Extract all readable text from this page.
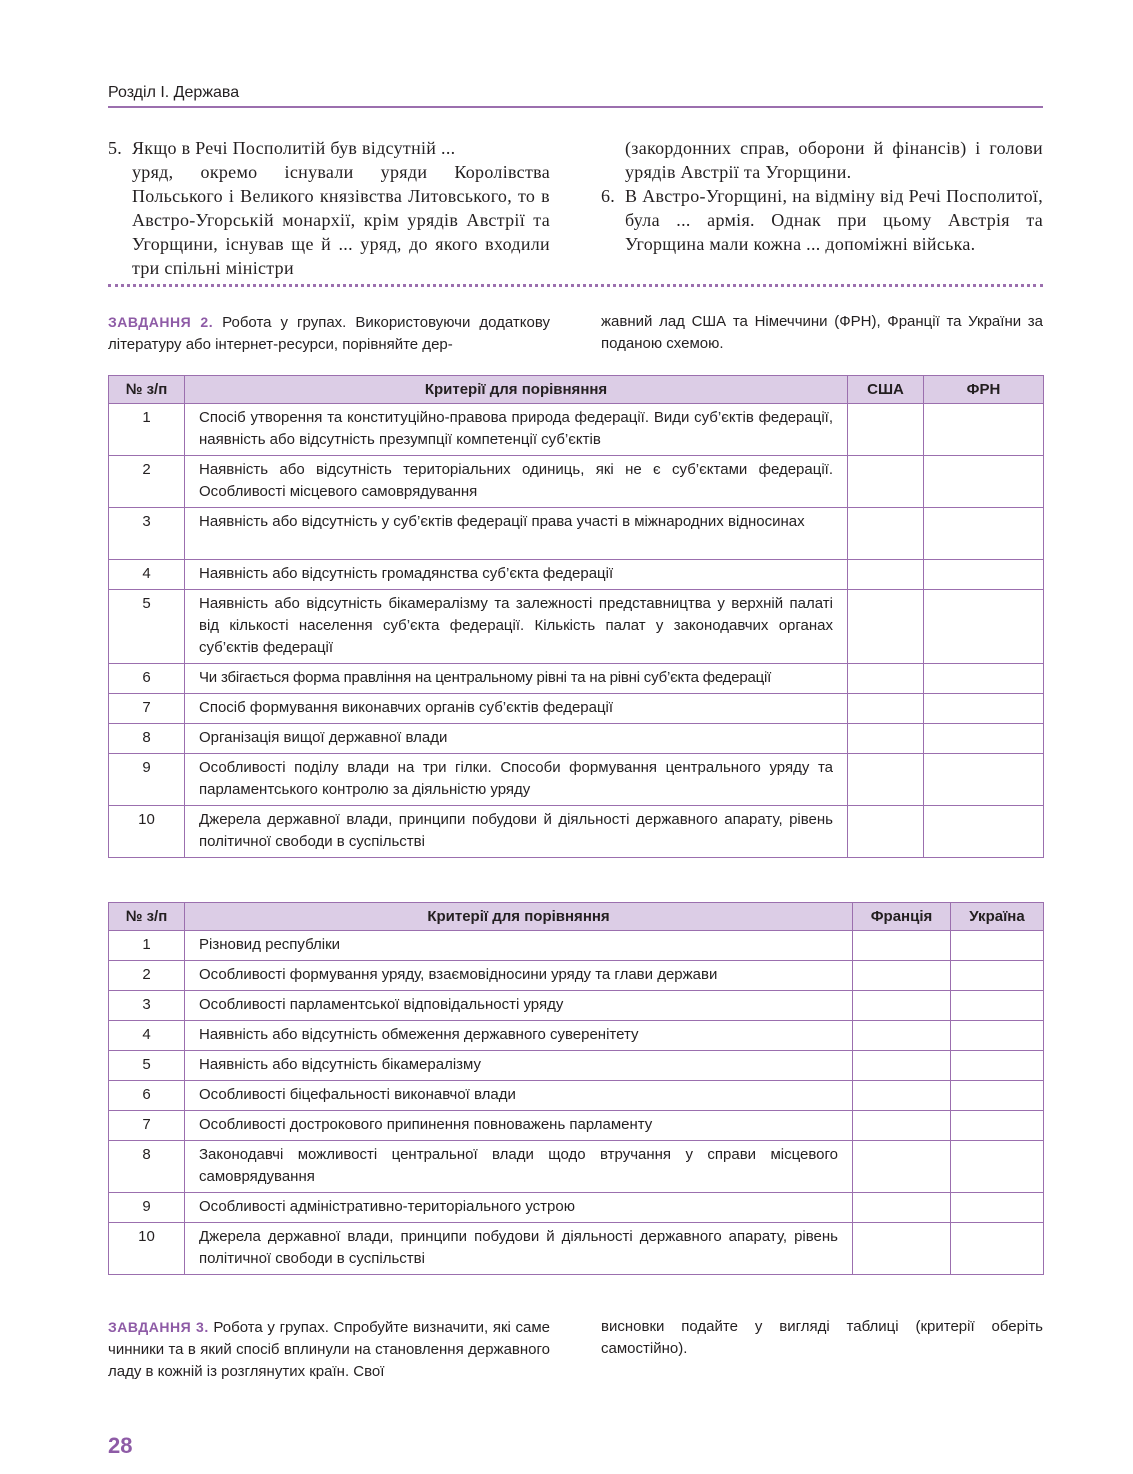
Розділ І. Держава
5. Якщо в Речі Посполитій був відсутній ...
уряд, окремо існували уряди Королівства Польського і Великого князівства Литовського, то в Австро-Угорській монархії, крім урядів Австрії та Угорщини, існував ще й ... уряд, до якого входили три спільні міністри
(закордонних справ, оборони й фінансів) і голови урядів Австрії та Угорщини.
6. В Австро-Угорщині, на відміну від Речі Посполитої, була ... армія. Однак при цьому Австрія та Угорщина мали кожна ... допоміжні війська.
ЗАВДАННЯ 2. Робота у групах. Використовуючи додаткову літературу або інтернет-ресурси, порівняйте дер-
жавний лад США та Німеччини (ФРН), Франції та України за поданою схемою.
№ з/п	Критерії для порівняння	США	ФРН
1	Спосіб утворення та конституційно-правова природа федерації. Види суб’єктів федерації, наявність або відсутність презумпції компетенції суб’єктів		
2	Наявність або відсутність територіальних одиниць, які не є суб’єктами федерації. Особливості місцевого самоврядування		
3	Наявність або відсутність у суб’єктів федерації права участі в міжнародних відносинах		
4	Наявність або відсутність громадянства суб’єкта федерації		
5	Наявність або відсутність бікамералізму та залежності представництва у верхній палаті від кількості населення суб’єкта федерації. Кількість палат у законодавчих органах суб’єктів федерації		
6	Чи збігається форма правління на центральному рівні та на рівні суб’єкта федерації		
7	Спосіб формування виконавчих органів суб’єктів федерації		
8	Організація вищої державної влади		
9	Особливості поділу влади на три гілки. Способи формування центрального уряду та парламентського контролю за діяльністю уряду		
10	Джерела державної влади, принципи побудови й діяльності державного апарату, рівень політичної свободи в суспільстві		
№ з/п	Критерії для порівняння	Франція	Україна
1	Різновид республіки		
2	Особливості формування уряду, взаємовідносини уряду та глави держави		
3	Особливості парламентської відповідальності уряду		
4	Наявність або відсутність обмеження державного суверенітету		
5	Наявність або відсутність бікамералізму		
6	Особливості біцефальності виконавчої влади		
7	Особливості дострокового припинення повноважень парламенту		
8	Законодавчі можливості центральної влади щодо втручання у справи місцевого самоврядування		
9	Особливості адміністративно-територіального устрою		
10	Джерела державної влади, принципи побудови й діяльності державного апарату, рівень політичної свободи в суспільстві		
ЗАВДАННЯ 3. Робота у групах. Спробуйте визначити, які саме чинники та в який спосіб вплинули на становлення державного ладу в кожній із розглянутих країн. Свої
висновки подайте у вигляді таблиці (критерії оберіть самостійно).
28
